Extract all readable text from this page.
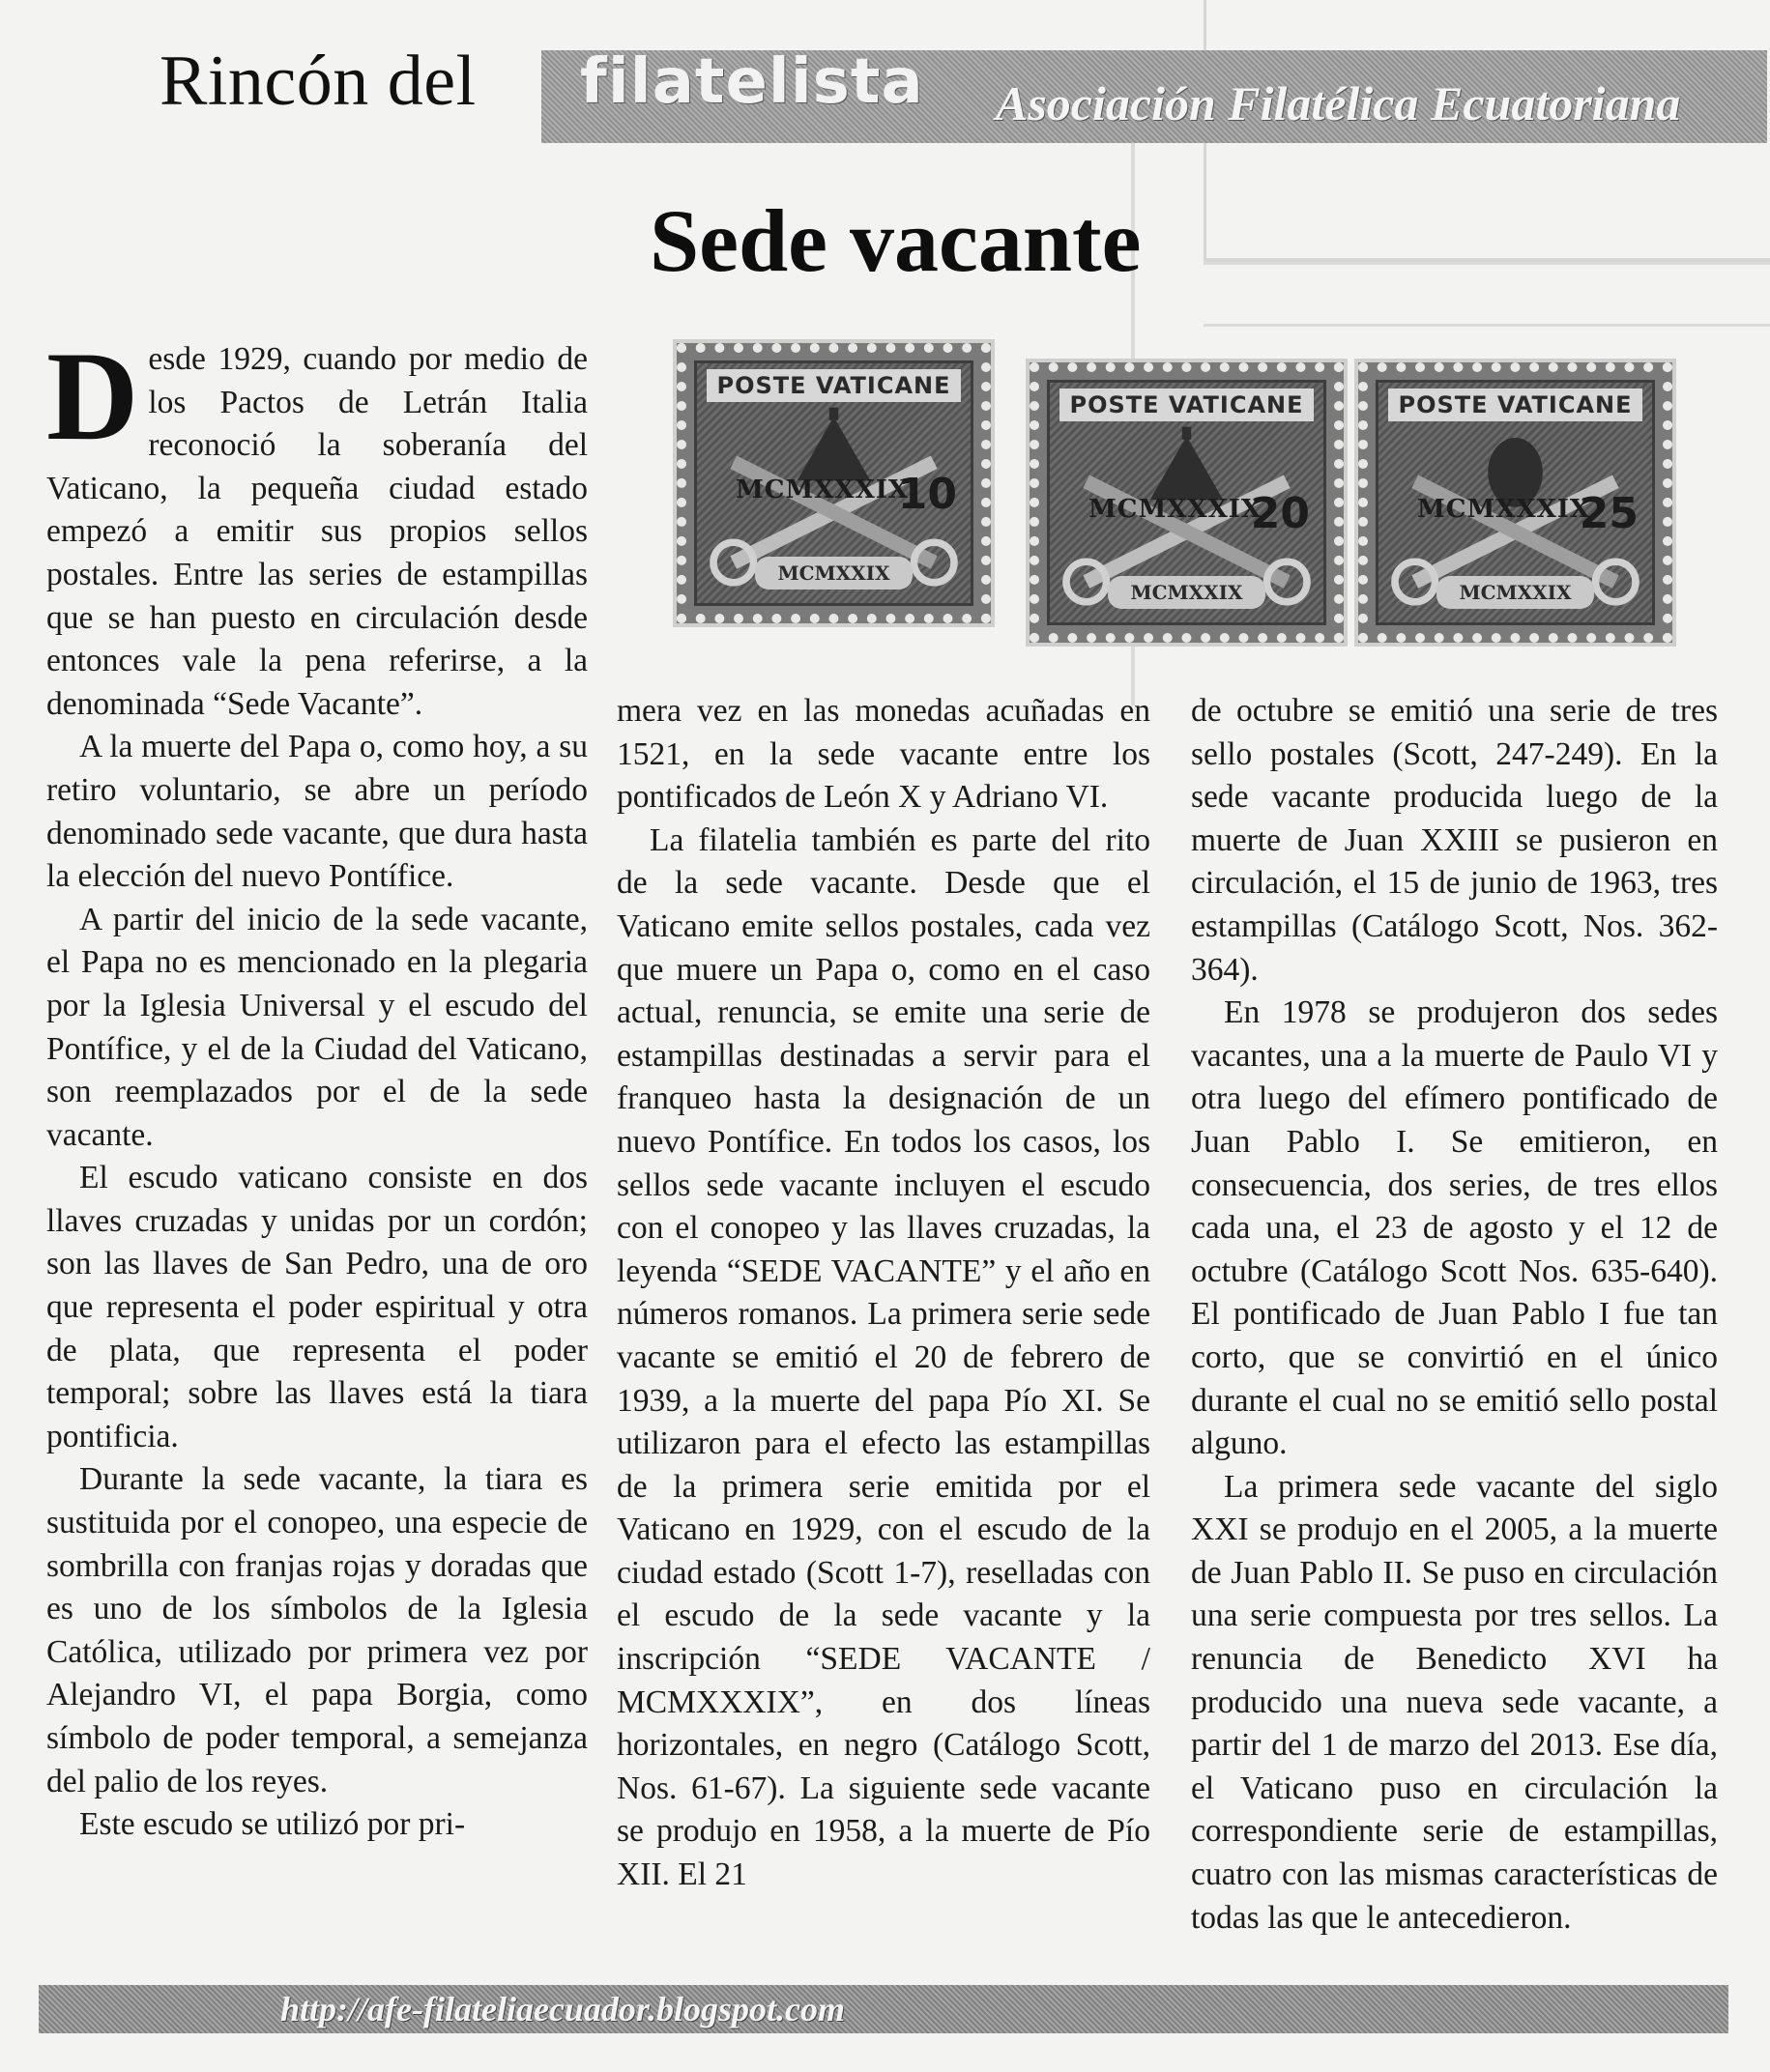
Rincón del filatelista Asociación Filatélica Ecuatoriana
Sede vacante
POSTE VATICANE
MCMXXXIX
10
MCMXXIX
POSTE VATICANE
MCMXXXIX
20
MCMXXIX
POSTE VATICANE
MCMXXXIX
25
MCMXXIX

Desde 1929, cuando por medio de los Pactos de Letrán Italia reconoció la soberanía del Vaticano, la pequeña ciudad estado empezó a emitir sus propios sellos postales. Entre las series de estampillas que se han puesto en circulación desde entonces vale la pena referirse, a la denominada “Sede Vacante”.

A la muerte del Papa o, como hoy, a su retiro voluntario, se abre un período denominado sede vacante, que dura hasta la elección del nuevo Pontífice.

A partir del inicio de la sede vacante, el Papa no es mencionado en la plegaria por la Iglesia Universal y el escudo del Pontífice, y el de la Ciudad del Vaticano, son reemplazados por el de la sede vacante.

El escudo vaticano consiste en dos llaves cruzadas y unidas por un cordón; son las llaves de San Pedro, una de oro que representa el poder espiritual y otra de plata, que representa el poder temporal; sobre las llaves está la tiara pontificia.

Durante la sede vacante, la tiara es sustituida por el conopeo, una especie de sombrilla con franjas rojas y doradas que es uno de los símbolos de la Iglesia Católica, utilizado por primera vez por Alejandro VI, el papa Borgia, como símbolo de poder temporal, a semejanza del palio de los reyes.

Este escudo se utilizó por pri-

mera vez en las monedas acuñadas en 1521, en la sede vacante entre los pontificados de León X y Adriano VI.

La filatelia también es parte del rito de la sede vacante. Desde que el Vaticano emite sellos postales, cada vez que muere un Papa o, como en el caso actual, renuncia, se emite una serie de estampillas destinadas a servir para el franqueo hasta la designación de un nuevo Pontífice. En todos los casos, los sellos sede vacante incluyen el escudo con el conopeo y las llaves cruzadas, la leyenda “SEDE VACANTE” y el año en números romanos. La primera serie sede vacante se emitió el 20 de febrero de 1939, a la muerte del papa Pío XI. Se utilizaron para el efecto las estampillas de la primera serie emitida por el Vaticano en 1929, con el escudo de la ciudad estado (Scott 1-7), reselladas con el escudo de la sede vacante y la inscripción “SEDE VACANTE / MCMXXXIX”, en dos líneas horizontales, en negro (Catálogo Scott, Nos. 61-67). La siguiente sede vacante se produjo en 1958, a la muerte de Pío XII. El 21

de octubre se emitió una serie de tres sello postales (Scott, 247-249). En la sede vacante producida luego de la muerte de Juan XXIII se pusieron en circulación, el 15 de junio de 1963, tres estampillas (Catálogo Scott, Nos. 362-364).

En 1978 se produjeron dos sedes vacantes, una a la muerte de Paulo VI y otra luego del efímero pontificado de Juan Pablo I. Se emitieron, en consecuencia, dos series, de tres ellos cada una, el 23 de agosto y el 12 de octubre (Catálogo Scott Nos. 635-640). El pontificado de Juan Pablo I fue tan corto, que se convirtió en el único durante el cual no se emitió sello postal alguno.

La primera sede vacante del siglo XXI se produjo en el 2005, a la muerte de Juan Pablo II. Se puso en circulación una serie compuesta por tres sellos. La renuncia de Benedicto XVI ha producido una nueva sede vacante, a partir del 1 de marzo del 2013. Ese día, el Vaticano puso en circulación la correspondiente serie de estampillas, cuatro con las mismas características de todas las que le antecedieron.

http://afe-filateliaecuador.blogspot.com
